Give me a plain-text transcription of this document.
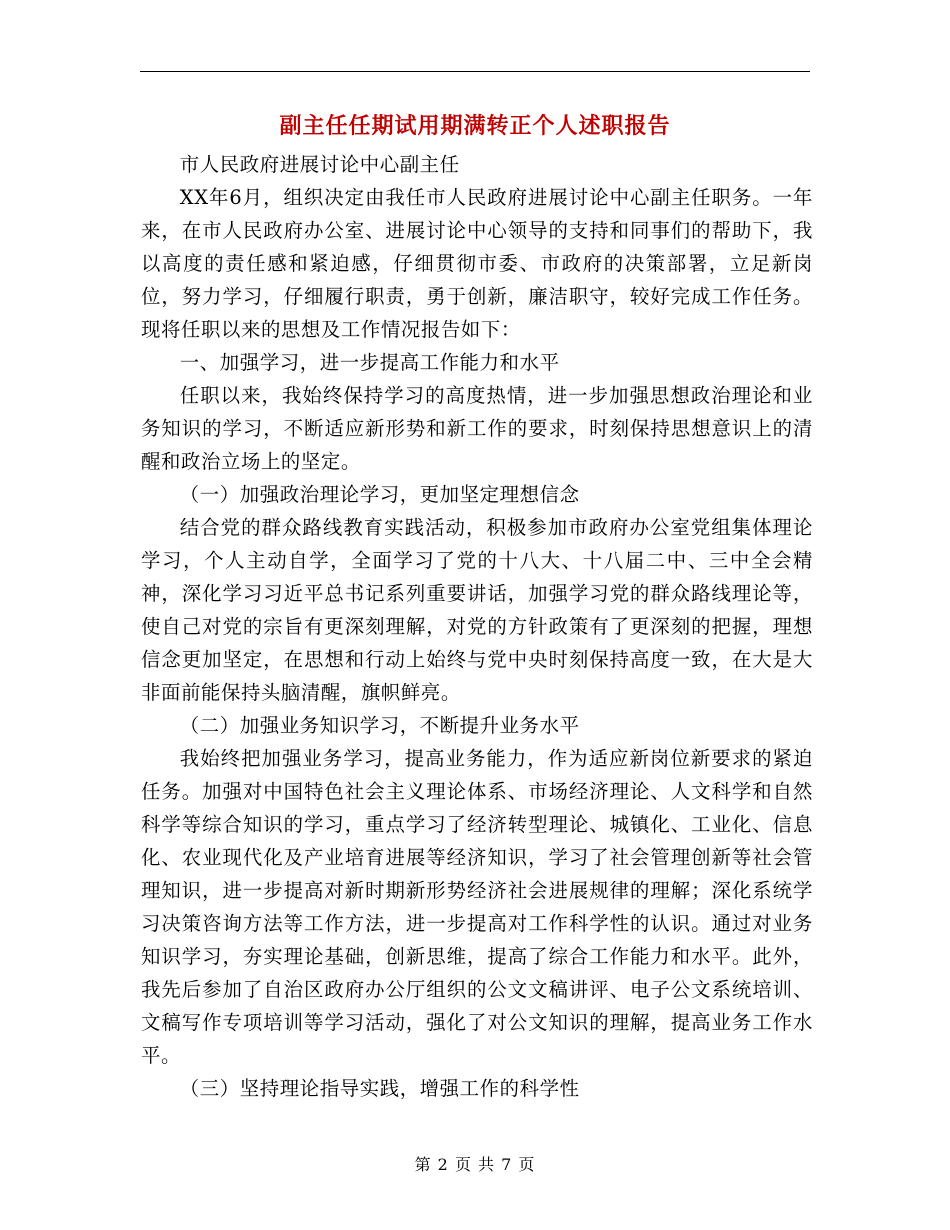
副主任任期试用期满转正个人述职报告

市人民政府进展讨论中心副主任

XX年6月，组织决定由我任市人民政府进展讨论中心副主任职务。一年来，在市人民政府办公室、进展讨论中心领导的支持和同事们的帮助下，我以高度的责任感和紧迫感，仔细贯彻市委、市政府的决策部署，立足新岗位，努力学习，仔细履行职责，勇于创新，廉洁职守，较好完成工作任务。现将任职以来的思想及工作情况报告如下：

一、加强学习，进一步提高工作能力和水平

任职以来，我始终保持学习的高度热情，进一步加强思想政治理论和业务知识的学习，不断适应新形势和新工作的要求，时刻保持思想意识上的清醒和政治立场上的坚定。

（一）加强政治理论学习，更加坚定理想信念

结合党的群众路线教育实践活动，积极参加市政府办公室党组集体理论学习，个人主动自学，全面学习了党的十八大、十八届二中、三中全会精神，深化学习习近平总书记系列重要讲话，加强学习党的群众路线理论等，使自己对党的宗旨有更深刻理解，对党的方针政策有了更深刻的把握，理想信念更加坚定，在思想和行动上始终与党中央时刻保持高度一致，在大是大非面前能保持头脑清醒，旗帜鲜亮。

（二）加强业务知识学习，不断提升业务水平

我始终把加强业务学习，提高业务能力，作为适应新岗位新要求的紧迫任务。加强对中国特色社会主义理论体系、市场经济理论、人文科学和自然科学等综合知识的学习，重点学习了经济转型理论、城镇化、工业化、信息化、农业现代化及产业培育进展等经济知识，学习了社会管理创新等社会管理知识，进一步提高对新时期新形势经济社会进展规律的理解；深化系统学习决策咨询方法等工作方法，进一步提高对工作科学性的认识。通过对业务知识学习，夯实理论基础，创新思维，提高了综合工作能力和水平。此外，我先后参加了自治区政府办公厅组织的公文文稿讲评、电子公文系统培训、文稿写作专项培训等学习活动，强化了对公文知识的理解，提高业务工作水平。

（三）坚持理论指导实践，增强工作的科学性

第 2 页 共 7 页
